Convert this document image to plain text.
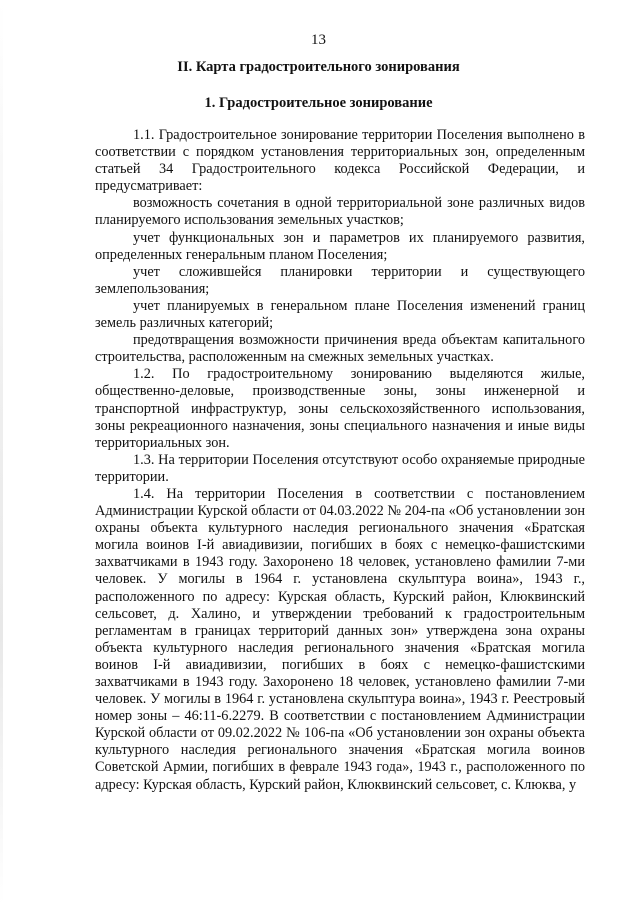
13
II. Карта градостроительного зонирования
1. Градостроительное зонирование

1.1. Градостроительное зонирование территории Поселения выполнено в соответствии с порядком установления территориальных зон, определенным статьей 34 Градостроительного кодекса Российской Федерации, и предусматривает:

возможность сочетания в одной территориальной зоне различных видов планируемого использования земельных участков;

учет функциональных зон и параметров их планируемого развития, определенных генеральным планом Поселения;

учет сложившейся планировки территории и существующего землепользования;

учет планируемых в генеральном плане Поселения изменений границ земель различных категорий;

предотвращения возможности причинения вреда объектам капитального строительства, расположенным на смежных земельных участках.

1.2. По градостроительному зонированию выделяются жилые, общественно-деловые, производственные зоны, зоны инженерной и транспортной инфраструктур, зоны сельскохозяйственного использования, зоны рекреационного назначения, зоны специального назначения и иные виды территориальных зон.

1.3. На территории Поселения отсутствуют особо охраняемые природные территории.

1.4. На территории Поселения в соответствии с постановлением Администрации Курской области от 04.03.2022 № 204-па «Об установлении зон охраны объекта культурного наследия регионального значения «Братская могила воинов I-й авиадивизии, погибших в боях с немецко-фашистскими захватчиками в 1943 году. Захоронено 18 человек, установлено фамилии 7-ми человек. У могилы в 1964 г. установлена скульптура воина», 1943 г., расположенного по адресу: Курская область, Курский район, Клюквинский сельсовет, д. Халино, и утверждении требований к градостроительным регламентам в границах территорий данных зон» утверждена зона охраны объекта культурного наследия регионального значения «Братская могила воинов I-й авиадивизии, погибших в боях с немецко-фашистскими захватчиками в 1943 году. Захоронено 18 человек, установлено фамилии 7-ми человек. У могилы в 1964 г. установлена скульптура воина», 1943 г. Реестровый номер зоны – 46:11-6.2279. В соответствии с постановлением Администрации Курской области от 09.02.2022 № 106-па «Об установлении зон охраны объекта культурного наследия регионального значения «Братская могила воинов Советской Армии, погибших в феврале 1943 года», 1943 г., расположенного по адресу: Курская область, Курский район, Клюквинский сельсовет, с. Клюква, у
